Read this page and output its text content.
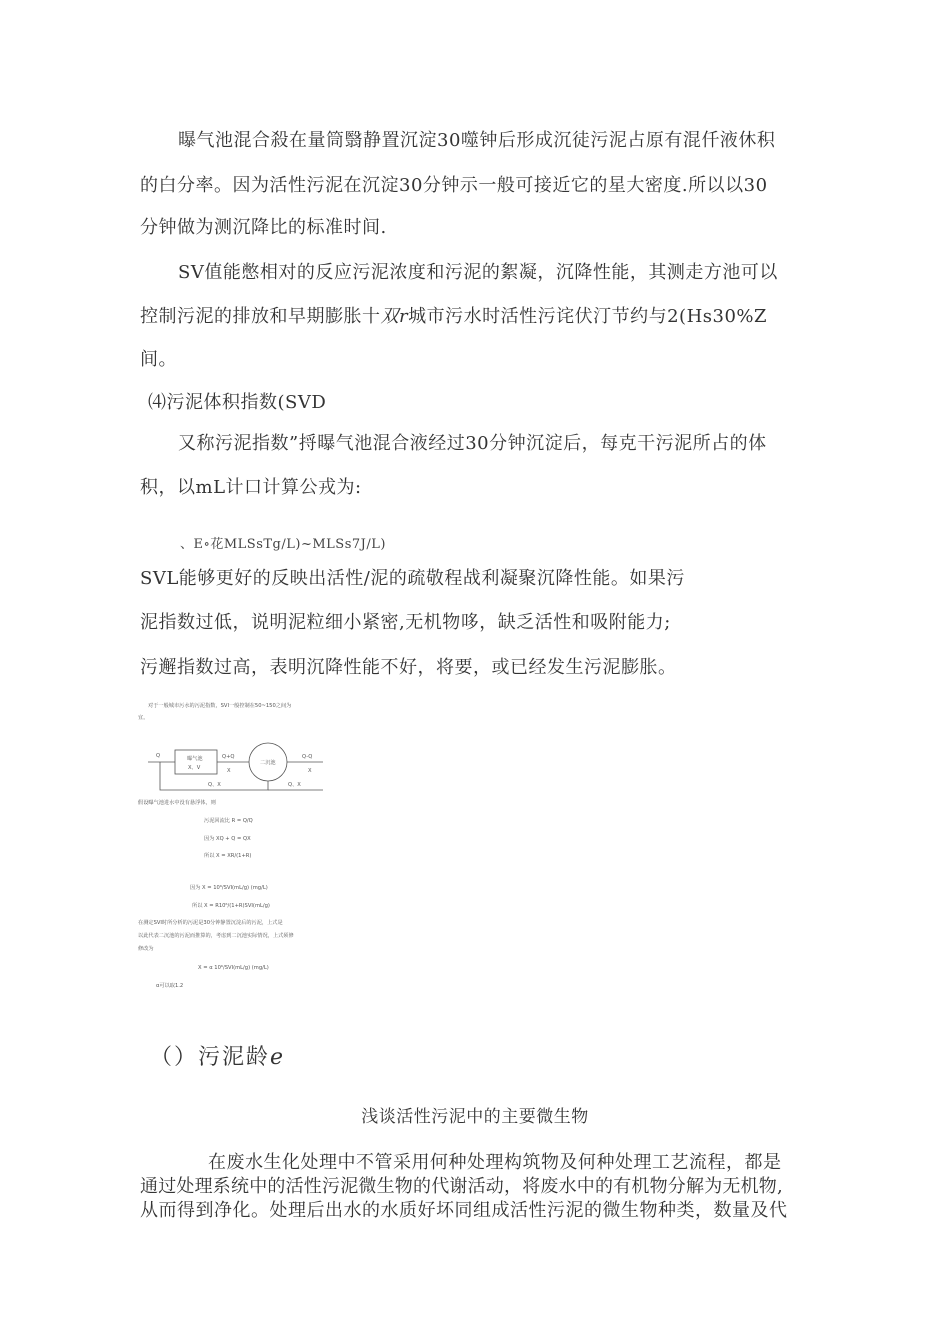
曝气池混合殺在量筒翳静置沉淀30噬钟后形成沉徒污泥占原有混仟液休积
的白分率。因为活性污泥在沉淀30分钟示一般可接近它的星大密度.所以以30
分钟做为测沉降比的标准时间.
SV值能憋相对的反应污泥浓度和污泥的絮凝，沉降性能，其测走方池可以
控制污泥的排放和早期膨胀十双r城市污水时活性污诧伏汀节约与2(Hs30%Z
间。
⑷污泥体积指数(SVD
又称污泥指数”捋曝气池混合液经过30分钟沉淀后，每克干污泥所占的体
积，以mL计口计算公戎为:
、E∘花MLSsTg/L)~MLSs7J/L)
SVL能够更好的反映出活性/泥的疏敬程战利凝聚沉降性能。如果污
泥指数过低，说明泥粒细小紧密,无机物哆，缺乏活性和吸附能力;
污邂指数过高，表明沉降性能不好，将要，或已经发生污泥膨胀。
对于一般城市污水的污泥指数，SVI一般控制在50~150之间为
宜。
Q	曝气池
X、V
Q+Q
X
二沉池
Q-Q
X
Q、X	Q、X
假设曝气池进水中没有悬浮体，则
污泥回流比 R = Q/Q
因为 XQ + Q = QX
所以 X = XR/(1+R)
因为 X = 10⁶/SVI(mL/g) (mg/L)
所以 X = R10⁶/(1+R)SVI(mL/g)
在测定SVI时所分析的污泥是30分钟静置沉淀后的污泥，上式是
以此代表二沉池的污泥而推算的，考虑到二沉池实际情况，上式须修
修改为
X = α 10⁶/SVI(mL/g) (mg/L)
α可以取1.2
（）污泥龄e
浅谈活性污泥中的主要微生物
在废水生化处理中不管采用何种处理构筑物及何种处理工艺流程，都是
通过处理系统中的活性污泥微生物的代谢活动，将废水中的有机物分解为无机物,
从而得到净化。处理后出水的水质好坏同组成活性污泥的微生物种类，数量及代
